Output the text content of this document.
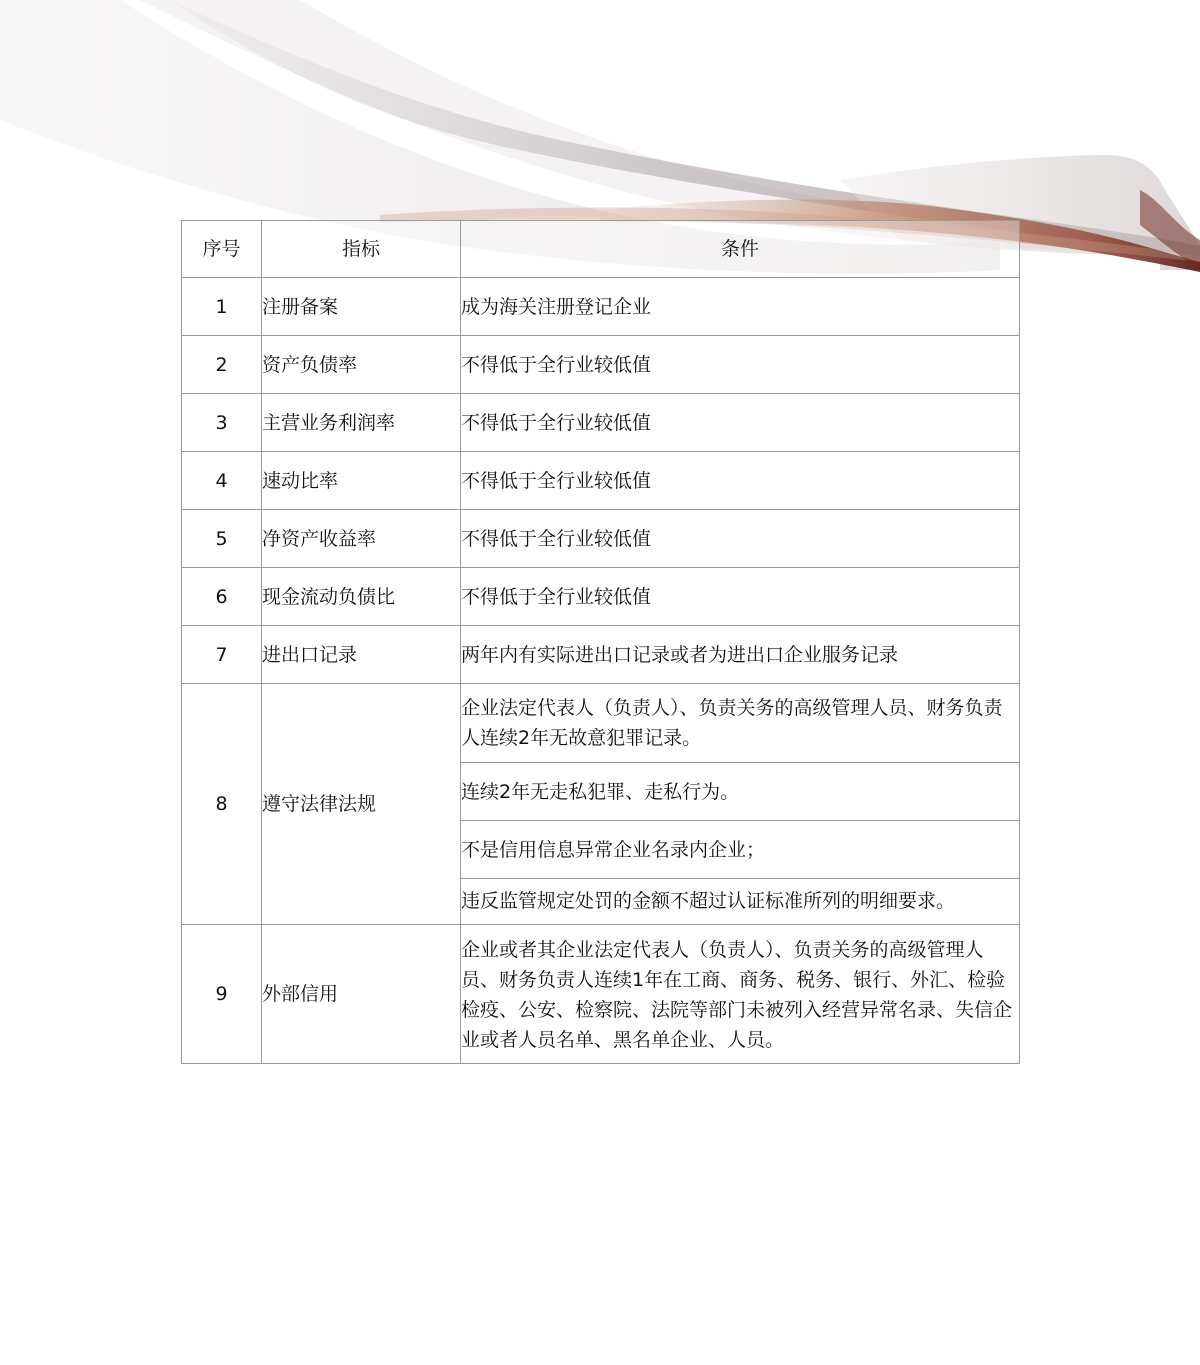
序号	指标	条件
1	注册备案	成为海关注册登记企业
2	资产负债率	不得低于全行业较低值
3	主营业务利润率	不得低于全行业较低值
4	速动比率	不得低于全行业较低值
5	净资产收益率	不得低于全行业较低值
6	现金流动负债比	不得低于全行业较低值
7	进出口记录	两年内有实际进出口记录或者为进出口企业服务记录
8	遵守法律法规	企业法定代表人（负责人）、负责关务的高级管理人员、财务负责人连续2年无故意犯罪记录。
		连续2年无走私犯罪、走私行为。
		不是信用信息异常企业名录内企业；
		违反监管规定处罚的金额不超过认证标准所列的明细要求。
9	外部信用	企业或者其企业法定代表人（负责人）、负责关务的高级管理人员、财务负责人连续1年在工商、商务、税务、银行、外汇、检验检疫、公安、检察院、法院等部门未被列入经营异常名录、失信企业或者人员名单、黑名单企业、人员。
